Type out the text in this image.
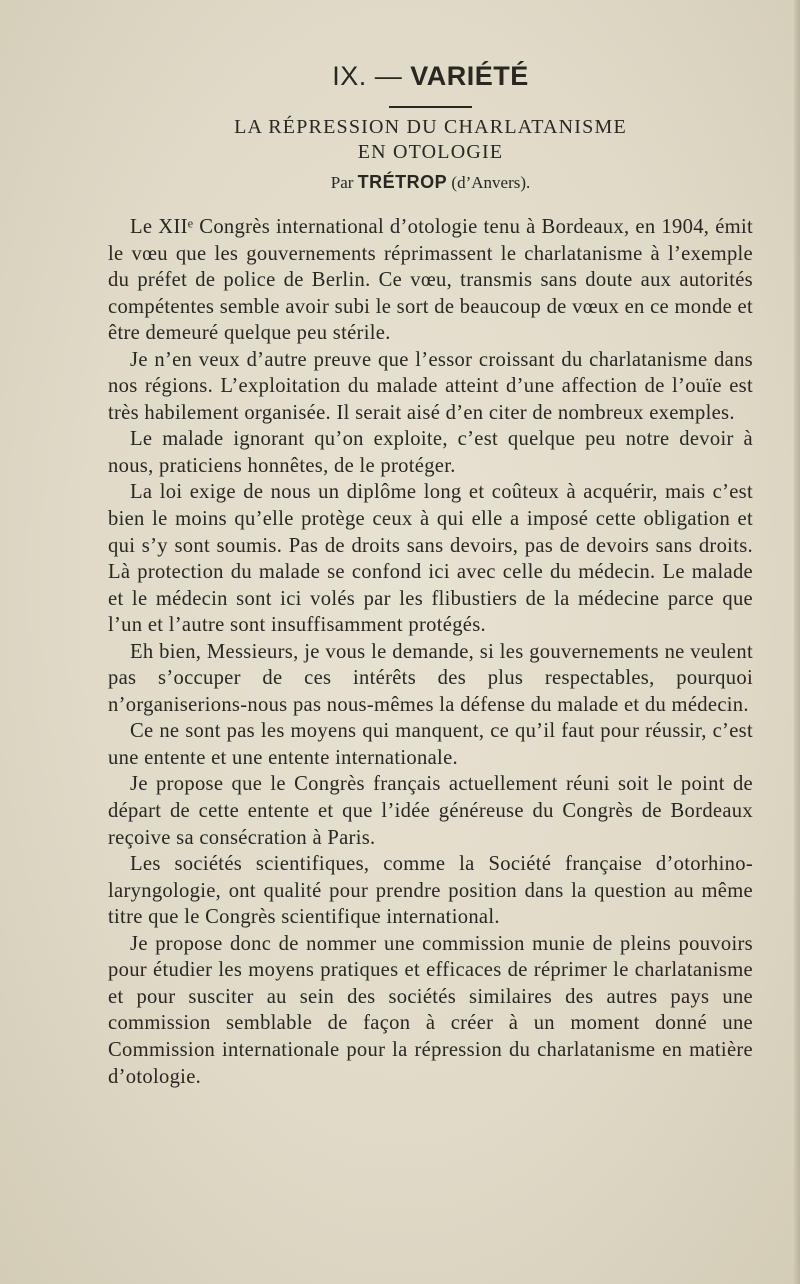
IX. — VARIÉTÉ
LA RÉPRESSION DU CHARLATANISME
EN OTOLOGIE

Par TRÉTROP (d’Anvers).

Le XIIᵉ Congrès international d’otologie tenu à Bordeaux, en 1904, émit le vœu que les gouvernements réprimassent le charlatanisme à l’exemple du préfet de police de Berlin. Ce vœu, transmis sans doute aux autorités compétentes semble avoir subi le sort de beaucoup de vœux en ce monde et être demeuré quelque peu stérile.

Je n’en veux d’autre preuve que l’essor croissant du charlatanisme dans nos régions. L’exploitation du malade atteint d’une affection de l’ouïe est très habilement organisée. Il serait aisé d’en citer de nombreux exemples.

Le malade ignorant qu’on exploite, c’est quelque peu notre devoir à nous, praticiens honnêtes, de le protéger.

La loi exige de nous un diplôme long et coûteux à acquérir, mais c’est bien le moins qu’elle protège ceux à qui elle a imposé cette obligation et qui s’y sont soumis. Pas de droits sans devoirs, pas de devoirs sans droits. Là protection du malade se confond ici avec celle du médecin. Le malade et le médecin sont ici volés par les flibustiers de la médecine parce que l’un et l’autre sont insuffisamment protégés.

Eh bien, Messieurs, je vous le demande, si les gouvernements ne veulent pas s’occuper de ces intérêts des plus respectables, pourquoi n’organiserions-nous pas nous-mêmes la défense du malade et du médecin.

Ce ne sont pas les moyens qui manquent, ce qu’il faut pour réussir, c’est une entente et une entente internationale.

Je propose que le Congrès français actuellement réuni soit le point de départ de cette entente et que l’idée généreuse du Congrès de Bordeaux reçoive sa consécration à Paris.

Les sociétés scientifiques, comme la Société française d’otorhino-laryngologie, ont qualité pour prendre position dans la question au même titre que le Congrès scientifique international.

Je propose donc de nommer une commission munie de pleins pouvoirs pour étudier les moyens pratiques et efficaces de réprimer le charlatanisme et pour susciter au sein des sociétés similaires des autres pays une commission semblable de façon à créer à un moment donné une Commission internationale pour la répression du charlatanisme en matière d’otologie.
